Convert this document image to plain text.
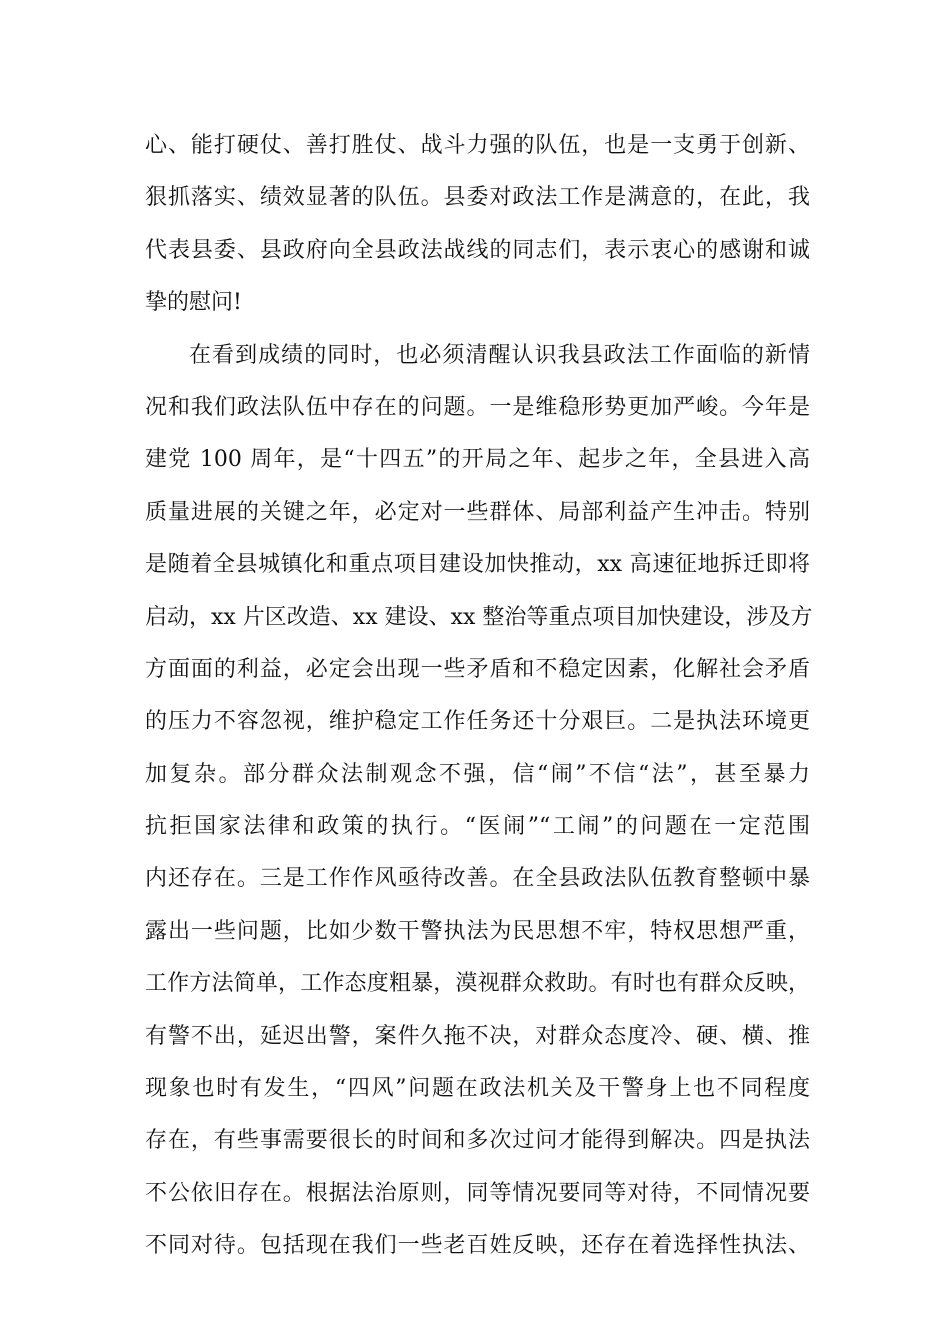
心、能打硬仗、善打胜仗、战斗力强的队伍，也是一支勇于创新、
狠抓落实、绩效显著的队伍。县委对政法工作是满意的，在此，我
代表县委、县政府向全县政法战线的同志们，表示衷心的感谢和诚
挚的慰问!
在看到成绩的同时，也必须清醒认识我县政法工作面临的新情
况和我们政法队伍中存在的问题。一是维稳形势更加严峻。今年是
建党 100 周年，是“十四五”的开局之年、起步之年，全县进入高
质量进展的关键之年，必定对一些群体、局部利益产生冲击。特别
是随着全县城镇化和重点项目建设加快推动，xx 高速征地拆迁即将
启动，xx 片区改造、xx 建设、xx 整治等重点项目加快建设，涉及方
方面面的利益，必定会出现一些矛盾和不稳定因素，化解社会矛盾
的压力不容忽视，维护稳定工作任务还十分艰巨。二是执法环境更
加复杂。部分群众法制观念不强，信“闹”不信“法”，甚至暴力
抗拒国家法律和政策的执行。“医闹”“工闹”的问题在一定范围
内还存在。三是工作作风亟待改善。在全县政法队伍教育整顿中暴
露出一些问题，比如少数干警执法为民思想不牢，特权思想严重，
工作方法简单，工作态度粗暴，漠视群众救助。有时也有群众反映，
有警不出，延迟出警，案件久拖不决，对群众态度冷、硬、横、推
现象也时有发生，“四风”问题在政法机关及干警身上也不同程度
存在，有些事需要很长的时间和多次过问才能得到解决。四是执法
不公依旧存在。根据法治原则，同等情况要同等对待，不同情况要
不同对待。包括现在我们一些老百姓反映，还存在着选择性执法、
